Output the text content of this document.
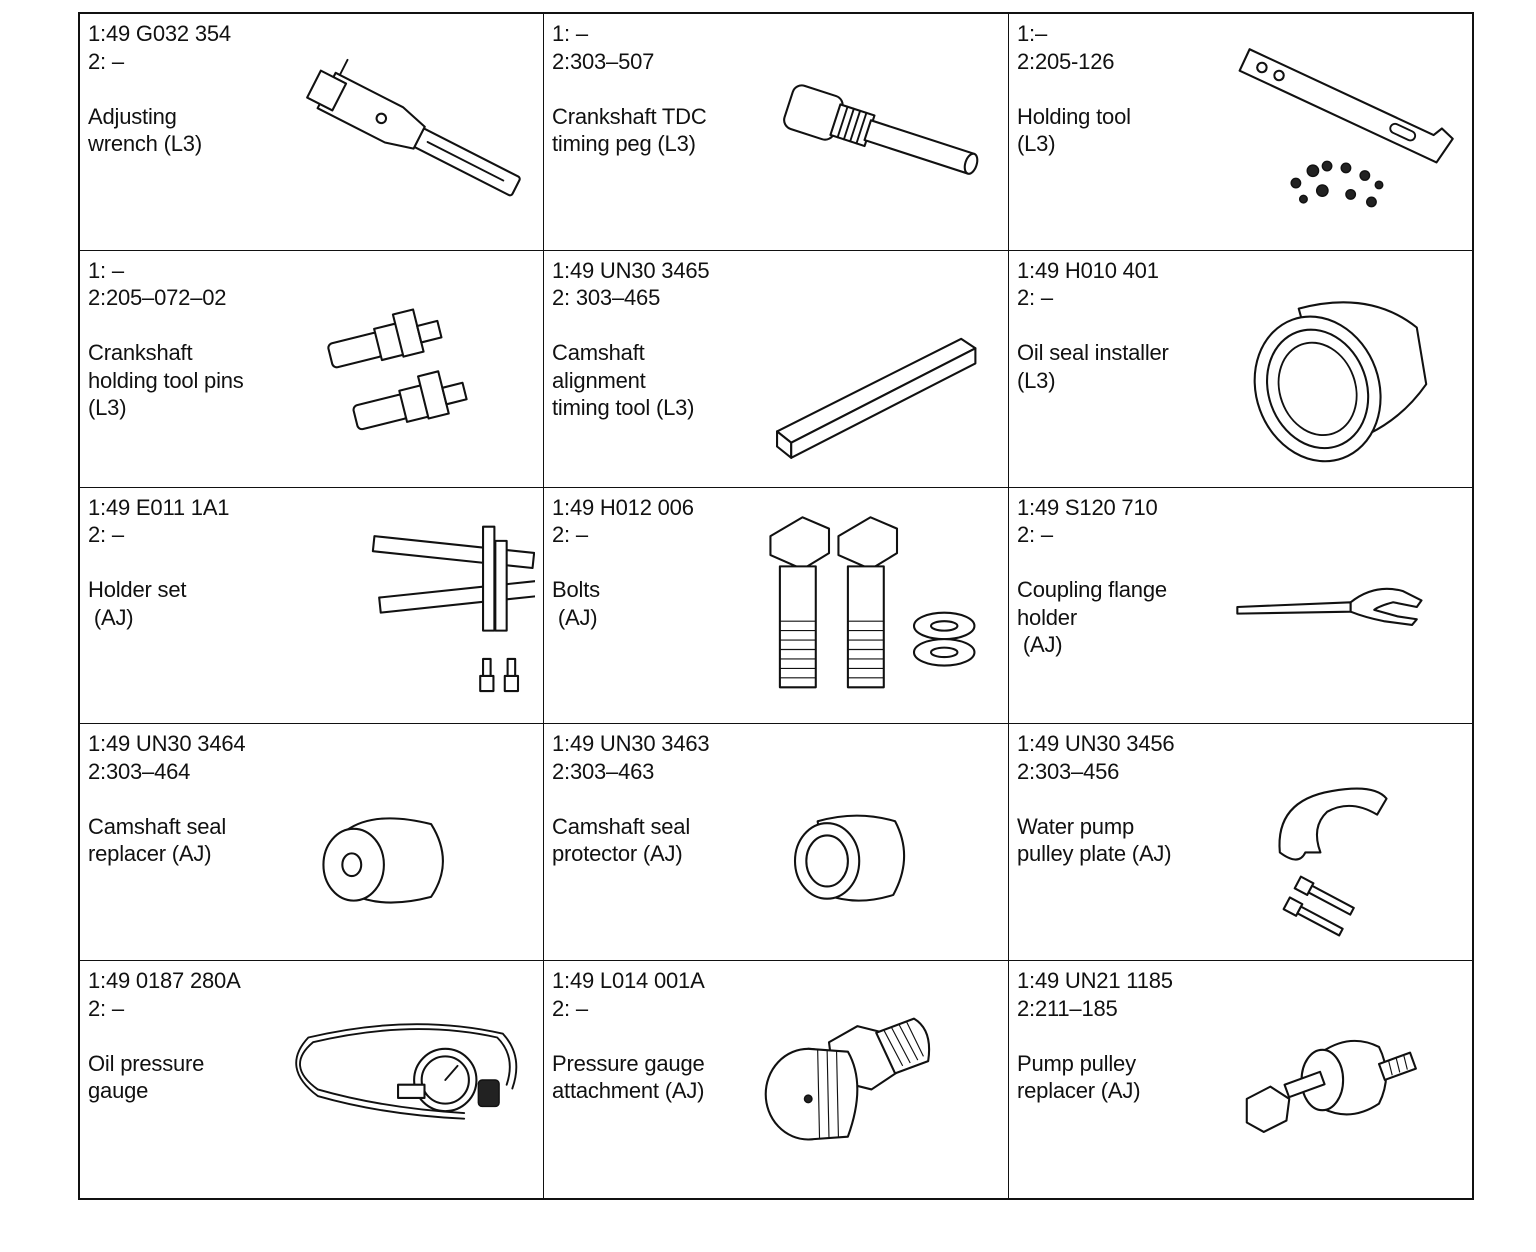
1:49 G032 354
2: –
Adjusting
wrench (L3)
1: –
2:303–507
Crankshaft TDC
timing peg (L3)
1:–
2:205-126
Holding tool
(L3)
1: –
2:205–072–02
Crankshaft
holding tool pins
(L3)
1:49 UN30 3465
2: 303–465
Camshaft
alignment
timing tool (L3)
1:49 H010 401
2: –
Oil seal installer
(L3)
1:49 E011 1A1
2: –
Holder set
(AJ)
1:49 H012 006
2: –
Bolts
(AJ)
1:49 S120 710
2: –
Coupling flange
holder
(AJ)
1:49 UN30 3464
2:303–464
Camshaft seal
replacer (AJ)
1:49 UN30 3463
2:303–463
Camshaft seal
protector (AJ)
1:49 UN30 3456
2:303–456
Water pump
pulley plate (AJ)
1:49 0187 280A
2: –
Oil pressure
gauge
1:49 L014 001A
2: –
Pressure gauge
attachment (AJ)
1:49 UN21 1185
2:211–185
Pump pulley
replacer (AJ)
